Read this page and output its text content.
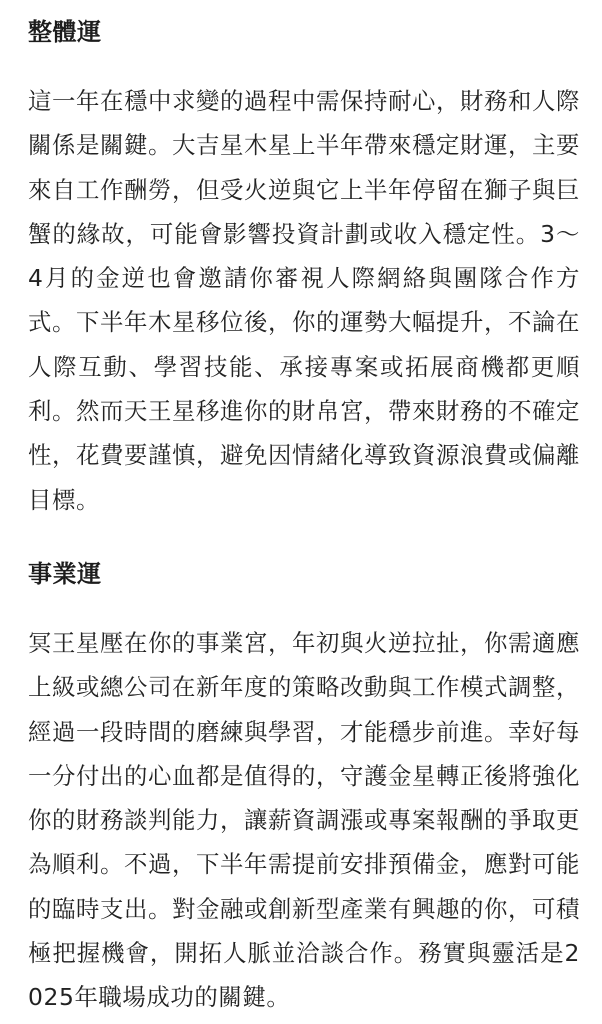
整體運

這一年在穩中求變的過程中需保持耐心，財務和人際關係是關鍵。大吉星木星上半年帶來穩定財運，主要來自工作酬勞，但受火逆與它上半年停留在獅子與巨蟹的緣故，可能會影響投資計劃或收入穩定性。3～4月的金逆也會邀請你審視人際網絡與團隊合作方式。下半年木星移位後，你的運勢大幅提升，不論在人際互動、學習技能、承接專案或拓展商機都更順利。然而天王星移進你的財帛宮，帶來財務的不確定性，花費要謹慎，避免因情緒化導致資源浪費或偏離目標。

事業運

冥王星壓在你的事業宮，年初與火逆拉扯，你需適應上級或總公司在新年度的策略改動與工作模式調整，經過一段時間的磨練與學習，才能穩步前進。幸好每一分付出的心血都是值得的，守護金星轉正後將強化你的財務談判能力，讓薪資調漲或專案報酬的爭取更為順利。不過，下半年需提前安排預備金，應對可能的臨時支出。對金融或創新型產業有興趣的你，可積極把握機會，開拓人脈並洽談合作。務實與靈活是2025年職場成功的關鍵。
